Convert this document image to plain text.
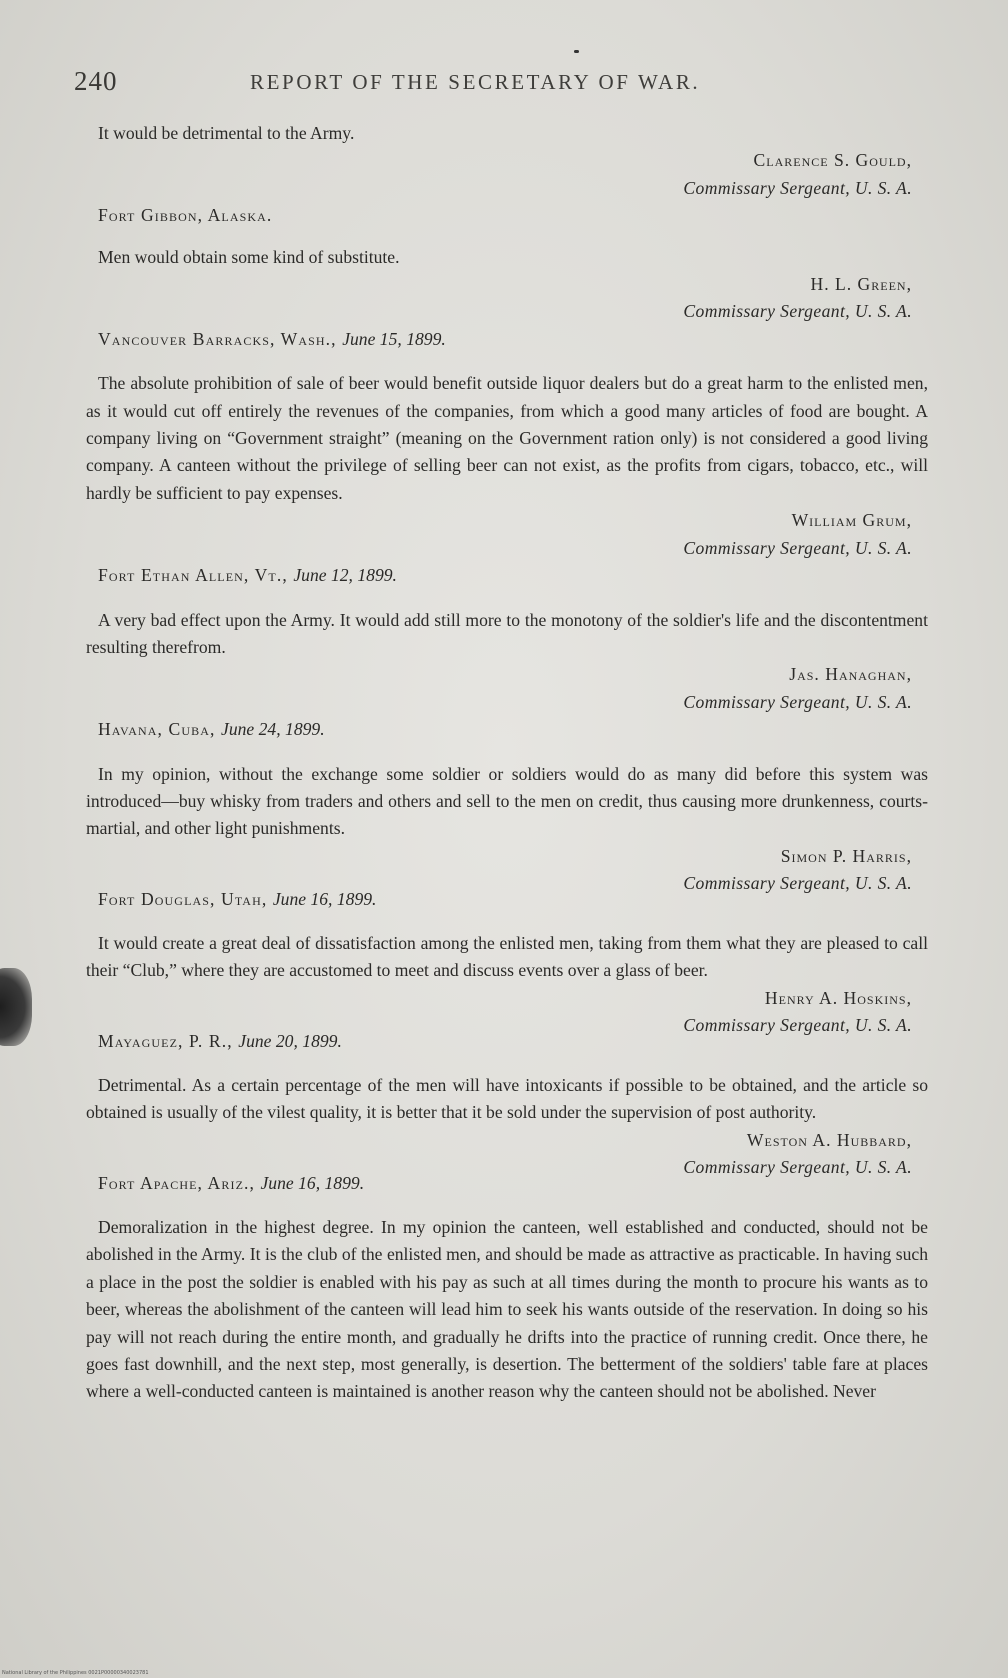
240	REPORT OF THE SECRETARY OF WAR.

It would be detrimental to the Army.

Clarence S. Gould,
Commissary Sergeant, U. S. A.
Fort Gibbon, Alaska.

Men would obtain some kind of substitute.

H. L. Green,
Commissary Sergeant, U. S. A.
Vancouver Barracks, Wash., June 15, 1899.

The absolute prohibition of sale of beer would benefit outside liquor dealers but do a great harm to the enlisted men, as it would cut off entirely the revenues of the companies, from which a good many articles of food are bought. A company living on “Government straight” (meaning on the Government ration only) is not considered a good living company. A canteen without the privilege of selling beer can not exist, as the profits from cigars, tobacco, etc., will hardly be sufficient to pay expenses.

William Grum,
Commissary Sergeant, U. S. A.
Fort Ethan Allen, Vt., June 12, 1899.

A very bad effect upon the Army. It would add still more to the monotony of the soldier's life and the discontentment resulting therefrom.

Jas. Hanaghan,
Commissary Sergeant, U. S. A.
Havana, Cuba, June 24, 1899.

In my opinion, without the exchange some soldier or soldiers would do as many did before this system was introduced—buy whisky from traders and others and sell to the men on credit, thus causing more drunkenness, courts-martial, and other light punishments.

Simon P. Harris,
Commissary Sergeant, U. S. A.
Fort Douglas, Utah, June 16, 1899.

It would create a great deal of dissatisfaction among the enlisted men, taking from them what they are pleased to call their “Club,” where they are accustomed to meet and discuss events over a glass of beer.

Henry A. Hoskins,
Commissary Sergeant, U. S. A.
Mayaguez, P. R., June 20, 1899.

Detrimental. As a certain percentage of the men will have intoxicants if possible to be obtained, and the article so obtained is usually of the vilest quality, it is better that it be sold under the supervision of post authority.

Weston A. Hubbard,
Commissary Sergeant, U. S. A.
Fort Apache, Ariz., June 16, 1899.

Demoralization in the highest degree. In my opinion the canteen, well established and conducted, should not be abolished in the Army. It is the club of the enlisted men, and should be made as attractive as practicable. In having such a place in the post the soldier is enabled with his pay as such at all times during the month to procure his wants as to beer, whereas the abolishment of the canteen will lead him to seek his wants outside of the reservation. In doing so his pay will not reach during the entire month, and gradually he drifts into the practice of running credit. Once there, he goes fast downhill, and the next step, most generally, is desertion. The betterment of the soldiers' table fare at places where a well-conducted canteen is maintained is another reason why the canteen should not be abolished. Never

National Library of the Philippines 0021P00000340023781
